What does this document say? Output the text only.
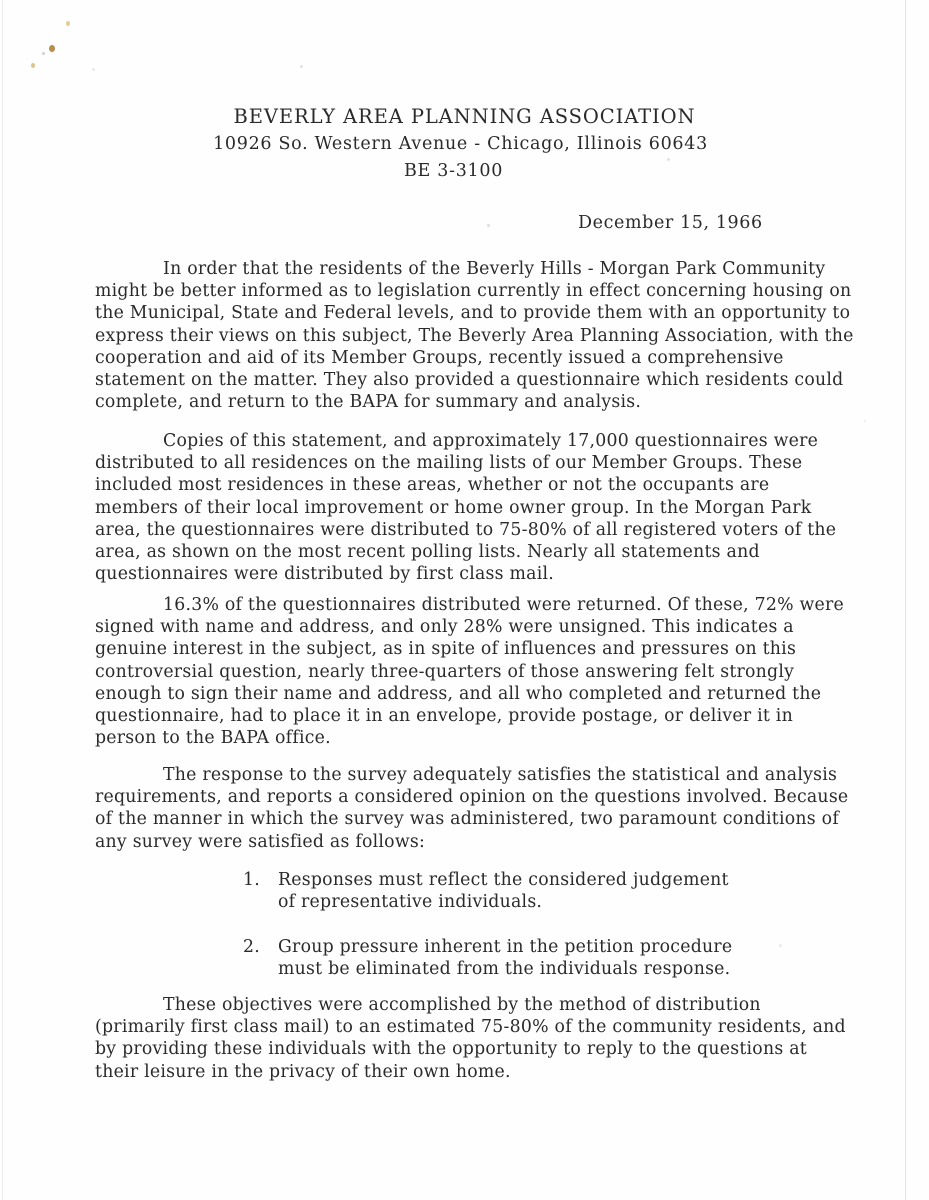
BEVERLY AREA PLANNING ASSOCIATION
10926 So. Western Avenue - Chicago, Illinois 60643
BE 3-3100
December 15, 1966

In order that the residents of the Beverly Hills - Morgan Park Community might be better informed as to legislation currently in effect concerning housing on the Municipal, State and Federal levels, and to provide them with an opportunity to express their views on this subject, The Beverly Area Planning Association, with the cooperation and aid of its Member Groups, recently issued a comprehensive statement on the matter. They also provided a questionnaire which residents could complete, and return to the BAPA for summary and analysis.

Copies of this statement, and approximately 17,000 questionnaires were distributed to all residences on the mailing lists of our Member Groups. These included most residences in these areas, whether or not the occupants are members of their local improvement or home owner group. In the Morgan Park area, the questionnaires were distributed to 75-80% of all registered voters of the area, as shown on the most recent polling lists. Nearly all statements and questionnaires were distributed by first class mail.

16.3% of the questionnaires distributed were returned. Of these, 72% were signed with name and address, and only 28% were unsigned. This indicates a genuine interest in the subject, as in spite of influences and pressures on this controversial question, nearly three-quarters of those answering felt strongly enough to sign their name and address, and all who completed and returned the questionnaire, had to place it in an envelope, provide postage, or deliver it in person to the BAPA office.

The response to the survey adequately satisfies the statistical and analysis requirements, and reports a considered opinion on the questions involved. Because of the manner in which the survey was administered, two paramount conditions of any survey were satisfied as follows:

1.	Responses must reflect the considered judgement
of representative individuals.
2.	Group pressure inherent in the petition procedure
must be eliminated from the individuals response.

These objectives were accomplished by the method of distribution (primarily first class mail) to an estimated 75-80% of the community residents, and by providing these individuals with the opportunity to reply to the questions at their leisure in the privacy of their own home.
